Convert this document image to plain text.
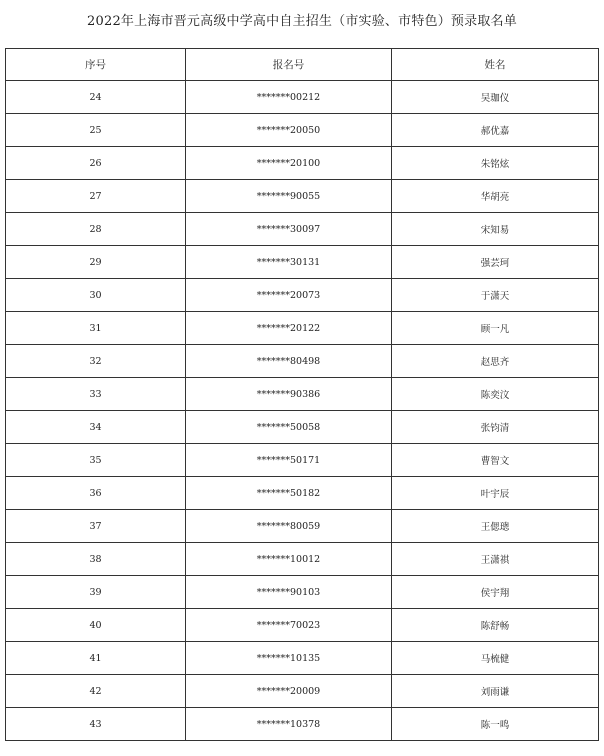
2022年上海市晋元高级中学高中自主招生（市实验、市特色）预录取名单
序号	报名号	姓名
24	*******00212	吴珈仪
25	*******20050	郝优嘉
26	*******20100	朱铭炫
27	*******90055	华胡亮
28	*******30097	宋知易
29	*******30131	强芸珂
30	*******20073	于潇天
31	*******20122	顾一凡
32	*******80498	赵思齐
33	*******90386	陈奕汶
34	*******50058	张钧清
35	*******50171	曹智文
36	*******50182	叶宇辰
37	*******80059	王偲璁
38	*******10012	王潇祺
39	*******90103	侯宇翔
40	*******70023	陈舒畅
41	*******10135	马梳健
42	*******20009	刘雨谦
43	*******10378	陈一鸣
